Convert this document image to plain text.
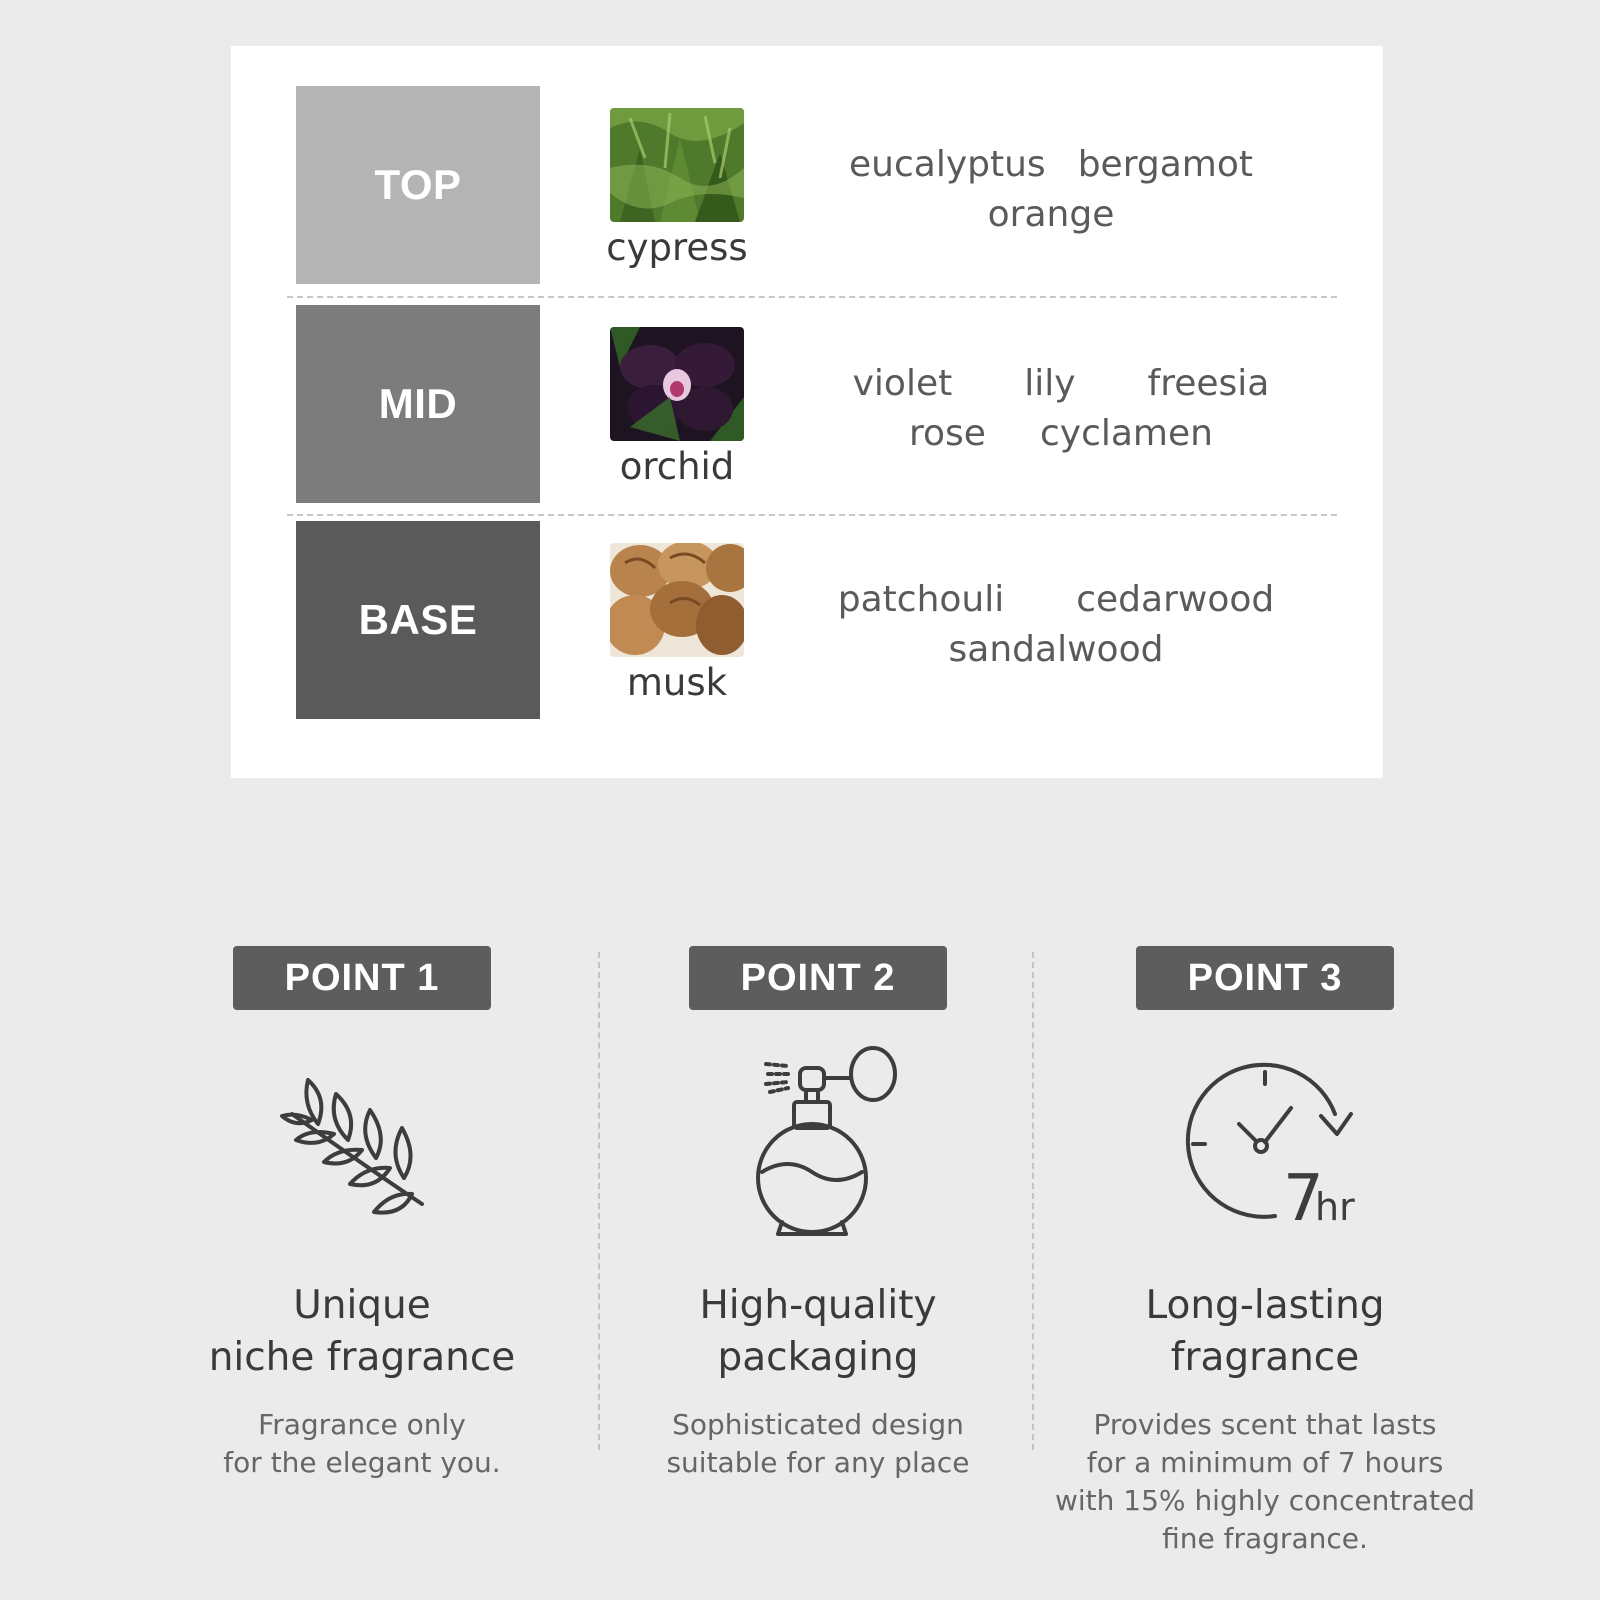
TOP
cypress
eucalyptus bergamot
orange
MID
orchid
violet lily freesia
rose cyclamen
BASE
musk
patchouli cedarwood
sandalwood
POINT 1
Unique
niche fragrance
Fragrance only
for the elegant you.
POINT 2
High-quality
packaging
Sophisticated design
suitable for any place
POINT 3
7
hr
Long-lasting
fragrance
Provides scent that lasts
for a minimum of 7 hours
with 15% highly concentrated
fine fragrance.
